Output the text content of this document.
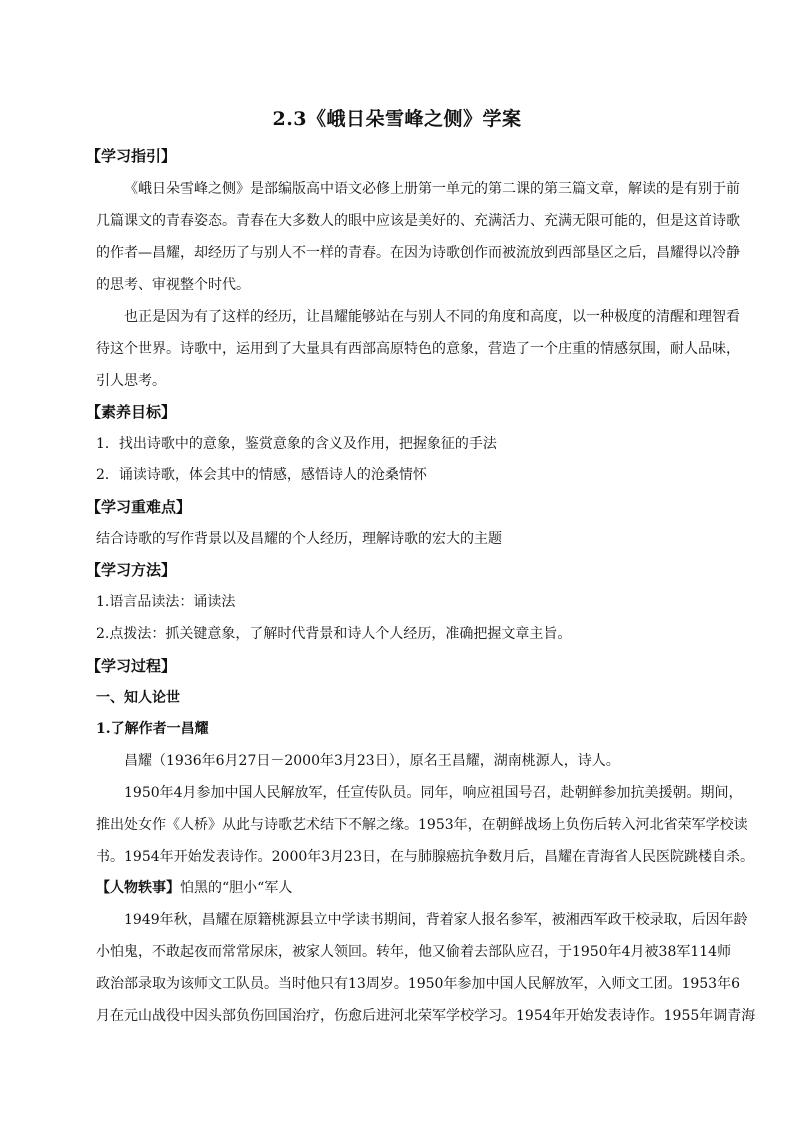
2.3《峨日朵雪峰之侧》学案
【学习指引】
《峨日朵雪峰之侧》是部编版高中语文必修上册第一单元的第二课的第三篇文章，解读的是有别于前
几篇课文的青春姿态。青春在大多数人的眼中应该是美好的、充满活力、充满无限可能的，但是这首诗歌
的作者—昌耀，却经历了与别人不一样的青春。在因为诗歌创作而被流放到西部垦区之后，昌耀得以冷静
的思考、审视整个时代。
也正是因为有了这样的经历，让昌耀能够站在与别人不同的角度和高度，以一种极度的清醒和理智看
待这个世界。诗歌中，运用到了大量具有西部高原特色的意象，营造了一个庄重的情感氛围，耐人品味，
引人思考。
【素养目标】
1．找出诗歌中的意象，鉴赏意象的含义及作用，把握象征的手法
2．诵读诗歌，体会其中的情感，感悟诗人的沧桑情怀
【学习重难点】
结合诗歌的写作背景以及昌耀的个人经历，理解诗歌的宏大的主题
【学习方法】
1.语言品读法：诵读法
2.点拨法：抓关键意象，了解时代背景和诗人个人经历，准确把握文章主旨。
【学习过程】
一、知人论世
1.了解作者一昌耀
昌耀（1936年6月27日－2000年3月23日），原名王昌耀，湖南桃源人，诗人。
1950年4月参加中国人民解放军，任宣传队员。同年，响应祖国号召，赴朝鲜参加抗美援朝。期间，
推出处女作《人桥》从此与诗歌艺术结下不解之缘。1953年，在朝鲜战场上负伤后转入河北省荣军学校读
书。1954年开始发表诗作。2000年3月23日，在与肺腺癌抗争数月后，昌耀在青海省人民医院跳楼自杀。
【人物轶事】怕黑的“胆小“军人
1949年秋，昌耀在原籍桃源县立中学读书期间，背着家人报名参军，被湘西军政干校录取，后因年龄
小怕鬼，不敢起夜而常常尿床，被家人领回。转年，他又偷着去部队应召，于1950年4月被38军114师
政治部录取为该师文工队员。当时他只有13周岁。1950年参加中国人民解放军，入师文工团。1953年6
月在元山战役中因头部负伤回国治疗，伤愈后进河北荣军学校学习。1954年开始发表诗作。1955年调青海
